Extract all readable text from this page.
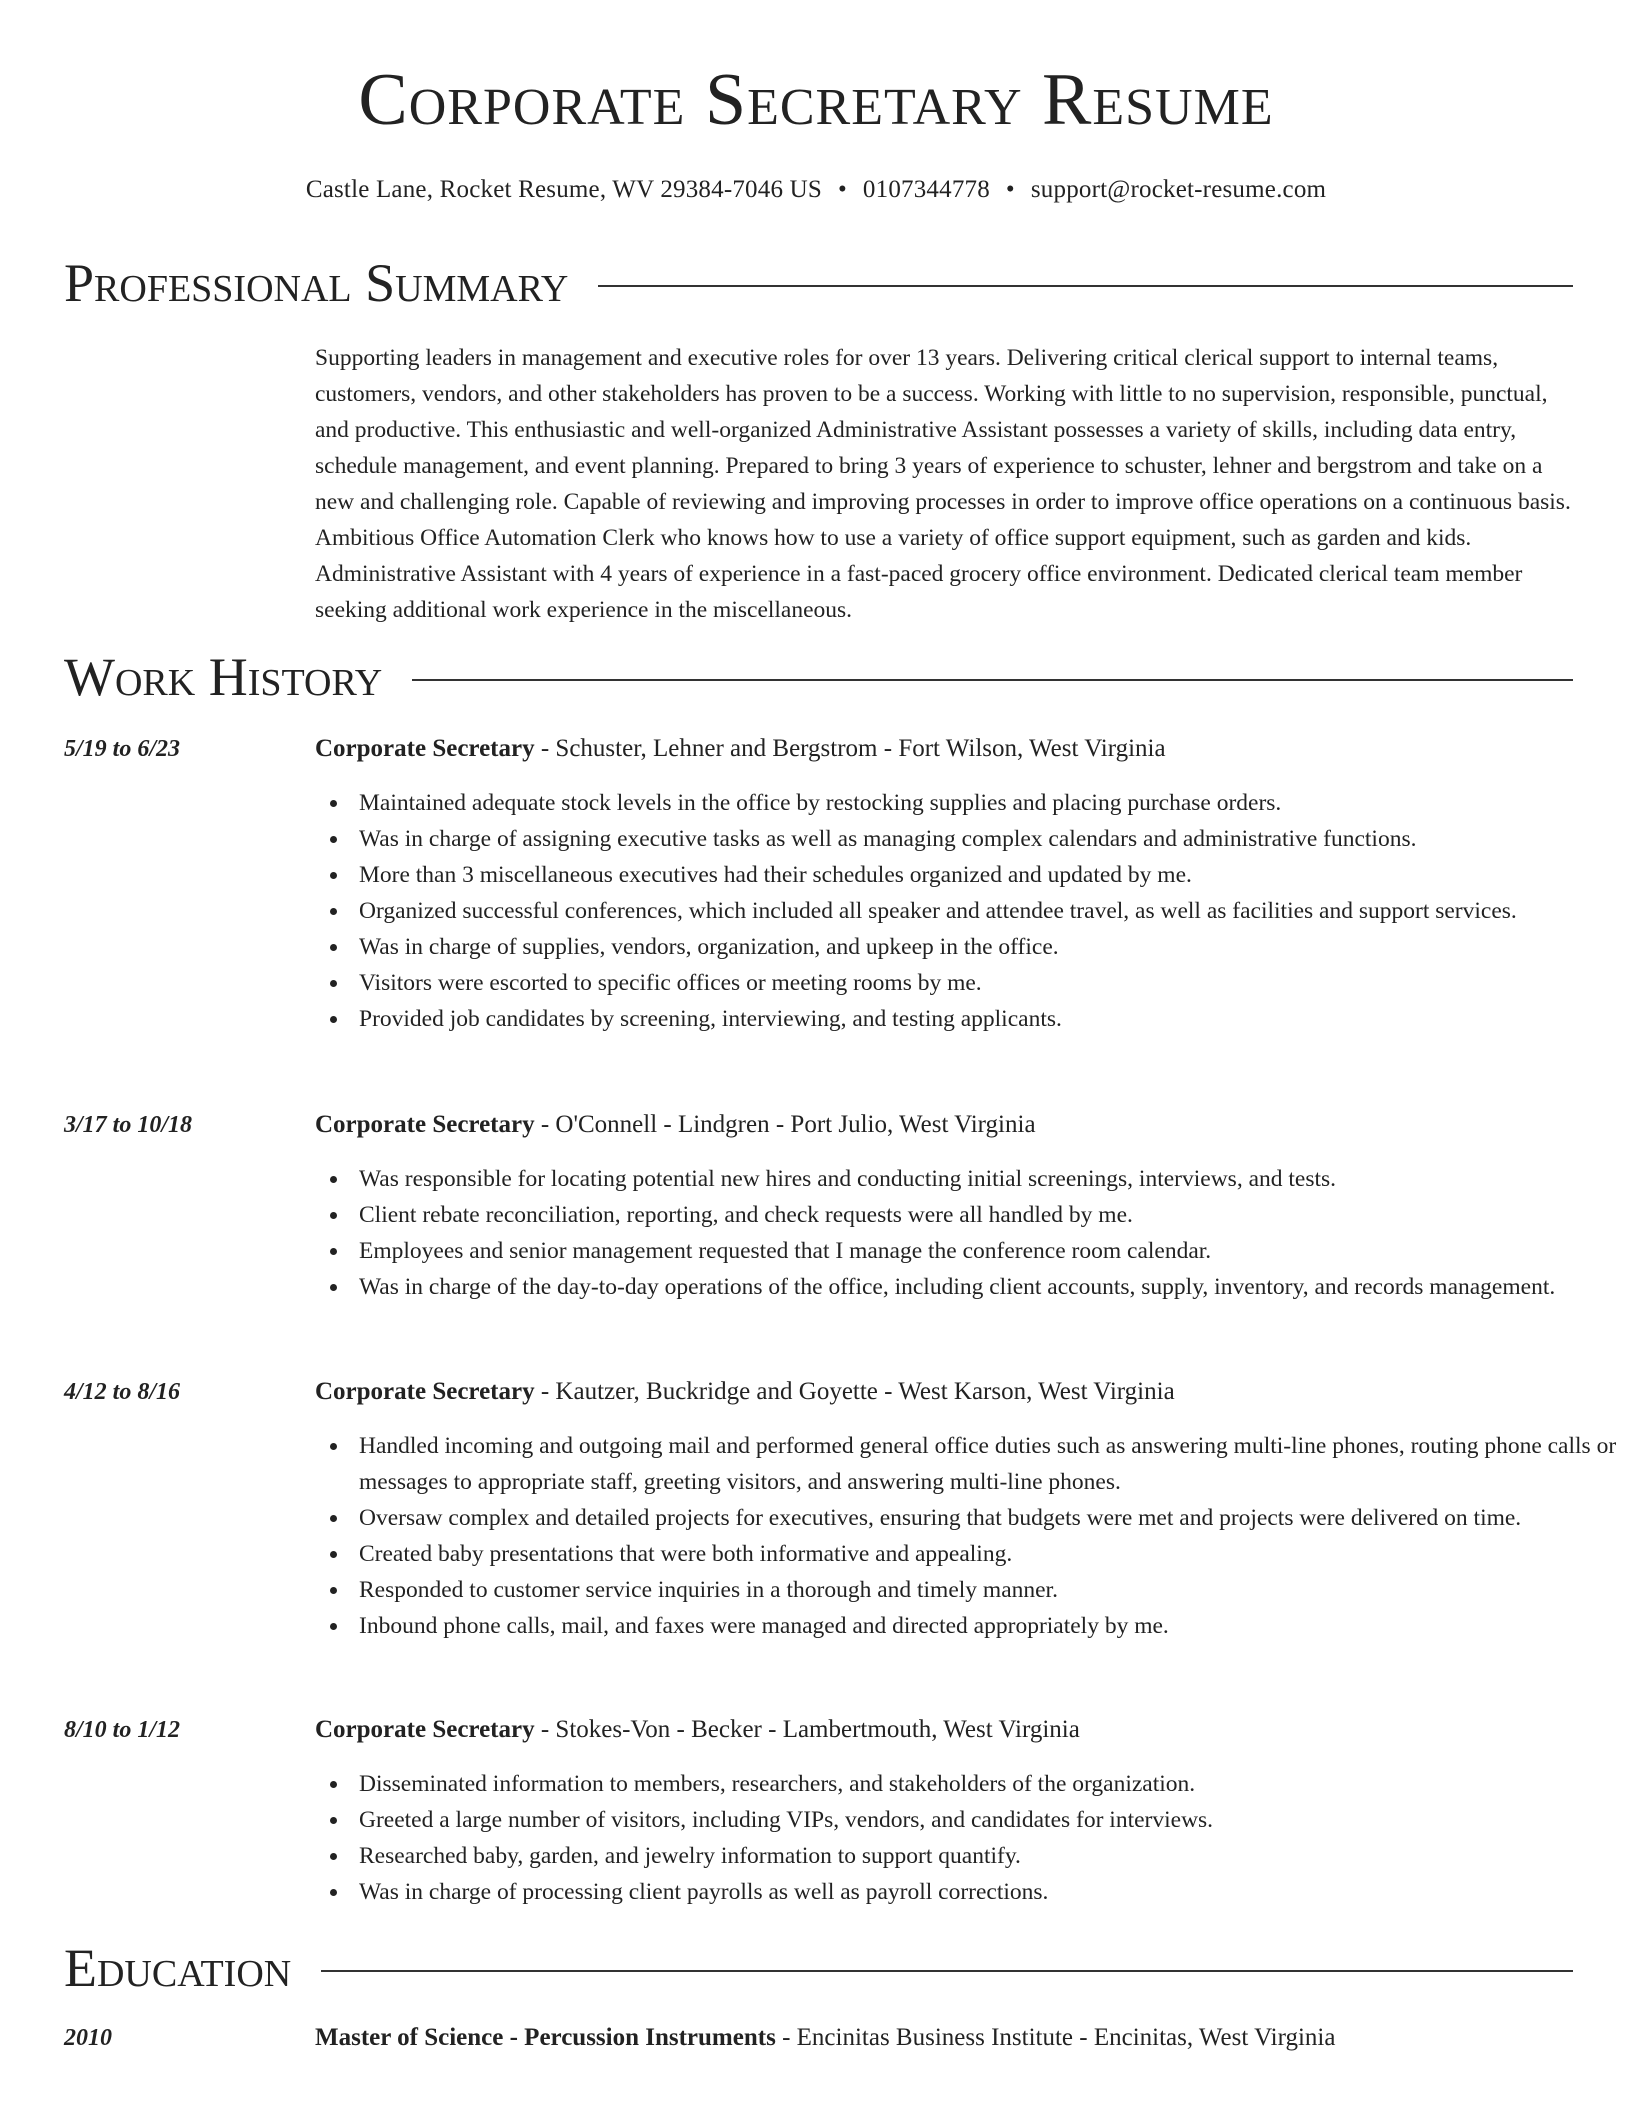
Corporate Secretary Resume
Castle Lane, Rocket Resume, WV 29384-7046 US • 0107344778 • support@rocket-resume.com
Professional Summary
Supporting leaders in management and executive roles for over 13 years. Delivering critical clerical support to internal teams, customers, vendors, and other stakeholders has proven to be a success. Working with little to no supervision, responsible, punctual, and productive. This enthusiastic and well-organized Administrative Assistant possesses a variety of skills, including data entry, schedule management, and event planning. Prepared to bring 3 years of experience to schuster, lehner and bergstrom and take on a new and challenging role. Capable of reviewing and improving processes in order to improve office operations on a continuous basis. Ambitious Office Automation Clerk who knows how to use a variety of office support equipment, such as garden and kids. Administrative Assistant with 4 years of experience in a fast-paced grocery office environment. Dedicated clerical team member seeking additional work experience in the miscellaneous.
Work History
5/19 to 6/23	Corporate Secretary - Schuster, Lehner and Bergstrom - Fort Wilson, West Virginia
Maintained adequate stock levels in the office by restocking supplies and placing purchase orders.
Was in charge of assigning executive tasks as well as managing complex calendars and administrative functions.
More than 3 miscellaneous executives had their schedules organized and updated by me.
Organized successful conferences, which included all speaker and attendee travel, as well as facilities and support services.
Was in charge of supplies, vendors, organization, and upkeep in the office.
Visitors were escorted to specific offices or meeting rooms by me.
Provided job candidates by screening, interviewing, and testing applicants.
3/17 to 10/18	Corporate Secretary - O'Connell - Lindgren - Port Julio, West Virginia
Was responsible for locating potential new hires and conducting initial screenings, interviews, and tests.
Client rebate reconciliation, reporting, and check requests were all handled by me.
Employees and senior management requested that I manage the conference room calendar.
Was in charge of the day-to-day operations of the office, including client accounts, supply, inventory, and records management.
4/12 to 8/16	Corporate Secretary - Kautzer, Buckridge and Goyette - West Karson, West Virginia
Handled incoming and outgoing mail and performed general office duties such as answering multi-line phones, routing phone calls or messages to appropriate staff, greeting visitors, and answering multi-line phones.
Oversaw complex and detailed projects for executives, ensuring that budgets were met and projects were delivered on time.
Created baby presentations that were both informative and appealing.
Responded to customer service inquiries in a thorough and timely manner.
Inbound phone calls, mail, and faxes were managed and directed appropriately by me.
8/10 to 1/12	Corporate Secretary - Stokes-Von - Becker - Lambertmouth, West Virginia
Disseminated information to members, researchers, and stakeholders of the organization.
Greeted a large number of visitors, including VIPs, vendors, and candidates for interviews.
Researched baby, garden, and jewelry information to support quantify.
Was in charge of processing client payrolls as well as payroll corrections.
Education
2010	Master of Science - Percussion Instruments - Encinitas Business Institute - Encinitas, West Virginia
